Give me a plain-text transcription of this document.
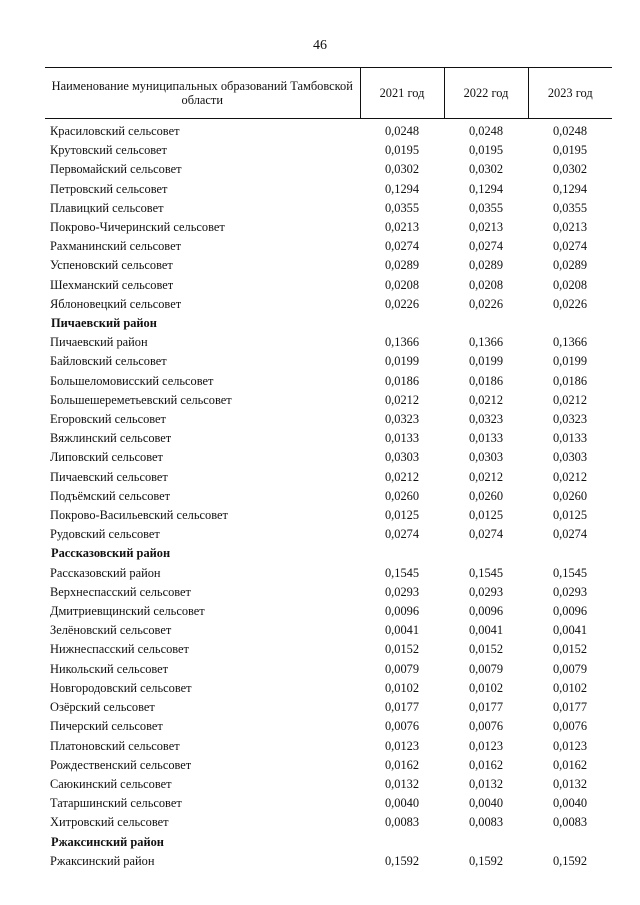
46
Наименование муниципальных образований Тамбовской области	2021 год	2022 год	2023 год
Красиловский сельсовет	0,0248	0,0248	0,0248
Крутовский сельсовет	0,0195	0,0195	0,0195
Первомайский сельсовет	0,0302	0,0302	0,0302
Петровский сельсовет	0,1294	0,1294	0,1294
Плавицкий сельсовет	0,0355	0,0355	0,0355
Покрово-Чичеринский сельсовет	0,0213	0,0213	0,0213
Рахманинский сельсовет	0,0274	0,0274	0,0274
Успеновский сельсовет	0,0289	0,0289	0,0289
Шехманский сельсовет	0,0208	0,0208	0,0208
Яблоновецкий сельсовет	0,0226	0,0226	0,0226
Пичаевский район			
Пичаевский район	0,1366	0,1366	0,1366
Байловский сельсовет	0,0199	0,0199	0,0199
Большеломовисский сельсовет	0,0186	0,0186	0,0186
Большешереметьевский сельсовет	0,0212	0,0212	0,0212
Егоровский сельсовет	0,0323	0,0323	0,0323
Вяжлинский сельсовет	0,0133	0,0133	0,0133
Липовский сельсовет	0,0303	0,0303	0,0303
Пичаевский сельсовет	0,0212	0,0212	0,0212
Подъёмский сельсовет	0,0260	0,0260	0,0260
Покрово-Васильевский сельсовет	0,0125	0,0125	0,0125
Рудовский сельсовет	0,0274	0,0274	0,0274
Рассказовский район			
Рассказовский район	0,1545	0,1545	0,1545
Верхнеспасский сельсовет	0,0293	0,0293	0,0293
Дмитриевщинский сельсовет	0,0096	0,0096	0,0096
Зелёновский сельсовет	0,0041	0,0041	0,0041
Нижнеспасский сельсовет	0,0152	0,0152	0,0152
Никольский сельсовет	0,0079	0,0079	0,0079
Новгородовский сельсовет	0,0102	0,0102	0,0102
Озёрский сельсовет	0,0177	0,0177	0,0177
Пичерский сельсовет	0,0076	0,0076	0,0076
Платоновский сельсовет	0,0123	0,0123	0,0123
Рождественский сельсовет	0,0162	0,0162	0,0162
Саюкинский сельсовет	0,0132	0,0132	0,0132
Татаршинский сельсовет	0,0040	0,0040	0,0040
Хитровский сельсовет	0,0083	0,0083	0,0083
Ржаксинский район			
Ржаксинский район	0,1592	0,1592	0,1592
